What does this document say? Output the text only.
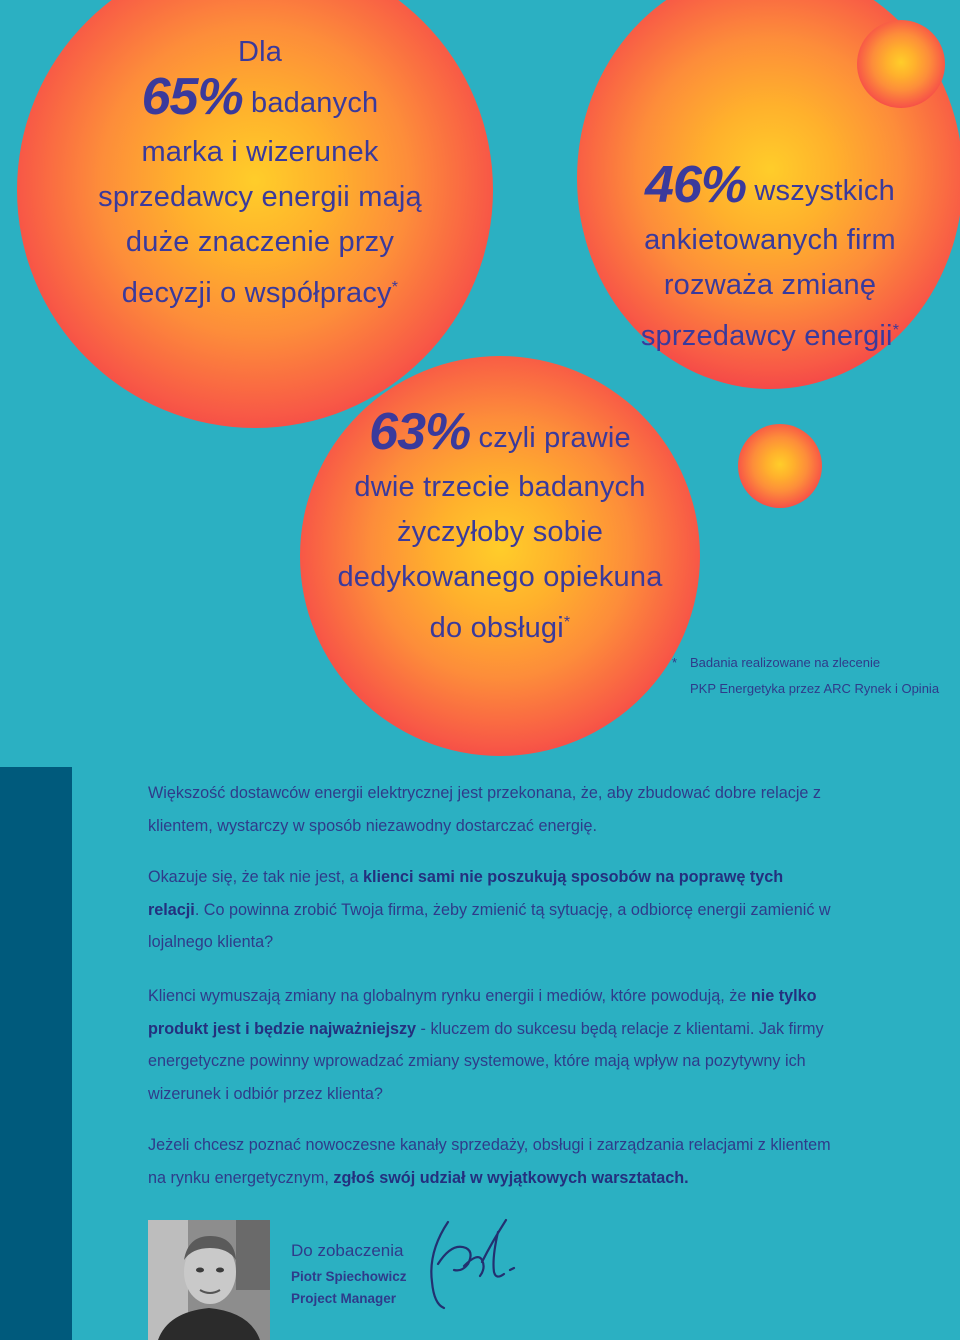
Dla
65% badanych
marka i wizerunek
sprzedawcy energii mają
duże znaczenie przy
decyzji o współpracy*
46% wszystkich
ankietowanych firm
rozważa zmianę
sprzedawcy energii*
63% czyli prawie
dwie trzecie badanych
życzyłoby sobie
dedykowanego opiekuna
do obsługi*
* Badania realizowane na zlecenie
PKP Energetyka przez ARC Rynek i Opinia

Większość dostawców energii elektrycznej jest przekonana, że, aby zbudować dobre relacje z klientem, wystarczy w sposób niezawodny dostarczać energię.

Okazuje się, że tak nie jest, a klienci sami nie poszukują sposobów na poprawę tych relacji. Co powinna zrobić Twoja firma, żeby zmienić tą sytuację, a odbiorcę energii zamienić w lojalnego klienta?

Klienci wymuszają zmiany na globalnym rynku energii i mediów, które powodują, że nie tylko produkt jest i będzie najważniejszy - kluczem do sukcesu będą relacje z klientami. Jak firmy energetyczne powinny wprowadzać zmiany systemowe, które mają wpływ na pozytywny ich wizerunek i odbiór przez klienta?

Jeżeli chcesz poznać nowoczesne kanały sprzedaży, obsługi i zarządzania relacjami z klientem na rynku energetycznym, zgłoś swój udział w wyjątkowych warsztatach.

Do zobaczenia
Piotr Spiechowicz
Project Manager
